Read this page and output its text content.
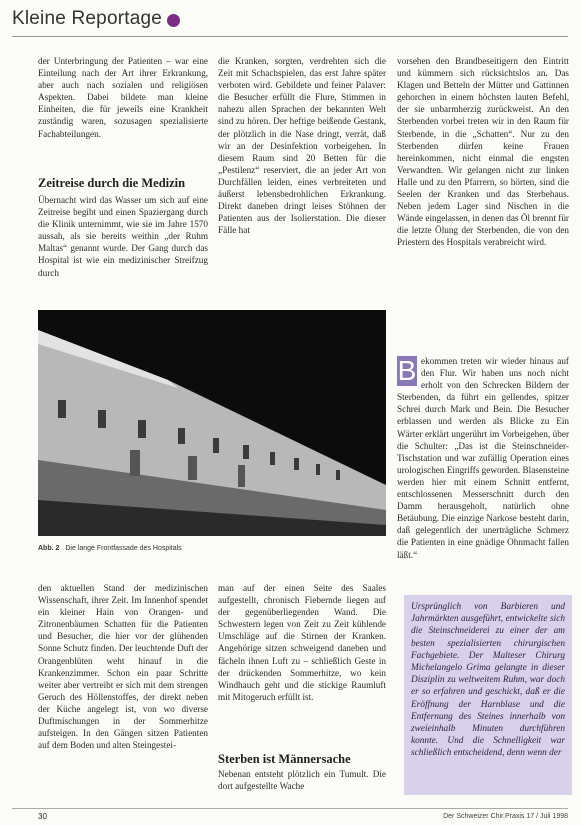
Kleine Reportage

der Unterbringung der Patienten – war eine Einteilung nach der Art ihrer Erkrankung, aber auch nach sozialen und religiösen Aspekten. Dabei bildete man kleine Einheiten, die für jeweils eine Krankheit zuständig waren, sozusagen spezialisierte Fachabteilungen.

Zeitreise durch die Medizin

Übernacht wird das Wasser um sich auf eine Zeitreise begibt und einen Spaziergang durch die Klinik unternimmt, wie sie im Jahre 1570 aussah, als sie bereits weithin „der Ruhm Maltas“ genannt wurde. Der Gang durch das Hospital ist wie ein medizinischer Streifzug durch

die Kranken, sorgten, verdrehten sich die Zeit mit Schachspielen, das erst Jahre später verboten wird. Gebildete und feiner Palaver: die Besucher erfüllt die Flure, Stimmen in nahezu allen Sprachen der bekannten Welt sind zu hören. Der heftige beißende Gestank, der plötzlich in die Nase dringt, verrät, daß wir an der Desinfektion vorbeigehen. In diesem Raum sind 20 Betten für die „Pestilenz“ reserviert, die an jeder Art von Durchfällen leiden, eines verbreiteten und äußerst lebensbedrohlichen Erkrankung. Direkt daneben dringt leises Stöhnen der Patienten aus der Isolierstation. Die dieser Fälle hat

vorsehen den Brandbeseitigern den Eintritt und kümmern sich rücksichtslos an. Das Klagen und Betteln der Mütter und Gattinnen gehorchen in einem höchsten lauten Befehl, der sie unbarmherzig zurückweist. An den Sterbenden vorbei treten wir in den Raum für Sterbende, in die „Schatten“. Nur zu den Sterbenden dürfen keine Frauen hereinkommen, nicht einmal die engsten Verwandten. Wir gelangen nicht zur linken Halle und zu den Pfarrern, so hörten, sind die Seelen der Kranken und das Sterbehaus. Neben jedem Lager sind Nischen in die Wände eingelassen, in denen das Öl brennt für die letzte Ölung der Sterbenden, die von den Priestern des Hospitals verabreicht wird.

B ekommen treten wir wieder hinaus auf den Flur. Wir haben uns noch nicht erholt von den Schrecken Bildern der Sterbenden, da führt ein gellendes, spitzer Schrei durch Mark und Bein. Die Besucher erblassen und werden als Blicke zu Ein Wärter erklärt ungerührt im Vorbeigehen, über die Schulter: „Das ist die Steinschneider-Tischstation und war zufällig Operation eines urologischen Eingriffs geworden. Blasensteine werden hier mit einem Schnitt entfernt, entschlossenen Messerschnitt durch den Damm herausgeholt, natürlich ohne Betäubung. Die einzige Narkose besteht darin, daß gelegentlich der unerträgliche Schmerz die Patienten in eine gnädige Ohnmacht fallen läßt.“

Abb. 2 Die lange Frontfassade des Hospitals

den aktuellen Stand der medizinischen Wissenschaft, ihrer Zeit. Im Innenhof spendet ein kleiner Hain von Orangen- und Zitronenbäumen Schatten für die Patienten und Besucher, die hier vor der glühenden Sonne Schutz finden. Der leuchtende Duft der Orangenblüten weht hinauf in die Krankenzimmer. Schon ein paar Schritte weiter aber vertreibt er sich mit dem strengen Geruch des Höllenstoffes, der direkt neben der Küche angelegt ist, von wo diverse Duftmischungen in der Sommerhitze aufsteigen. In den Gängen sitzen Patienten auf dem Boden und alten Steingestei-

man auf der einen Seite des Saales aufgestellt, chronisch Fiebernde liegen auf der gegenüberliegenden Wand. Die Schwestern legen von Zeit zu Zeit kühlende Umschläge auf die Stirnen der Kranken. Angehörige sitzen schweigend daneben und fächeln ihnen Luft zu – schließlich Geste in der drückenden Sommerhitze, wo kein Windhauch geht und die stickige Raumluft mit Mitogeruch erfüllt ist.

Sterben ist Männersache

Nebenan entsteht plötzlich ein Tumult. Die dort aufgestellte Wache

Ursprünglich von Barbieren und Jahrmärkten ausgeführt, entwickelte sich die Steinschneiderei zu einer der am besten spezialisierten chirurgischen Fachgebiete. Der Malteser Chirurg Michelangelo Grima gelangte in dieser Disziplin zu weltweitem Ruhm, war doch er so erfahren und geschickt, daß er die Eröffnung der Harnblase und die Entfernung des Steines innerhalb von zweieinhalb Minuten durchführen konnte. Und die Schnelligkeit war schließlich entscheidend, denn wenn der

30	Der Schweizer Chir.Praxis 17 / Juli 1998
